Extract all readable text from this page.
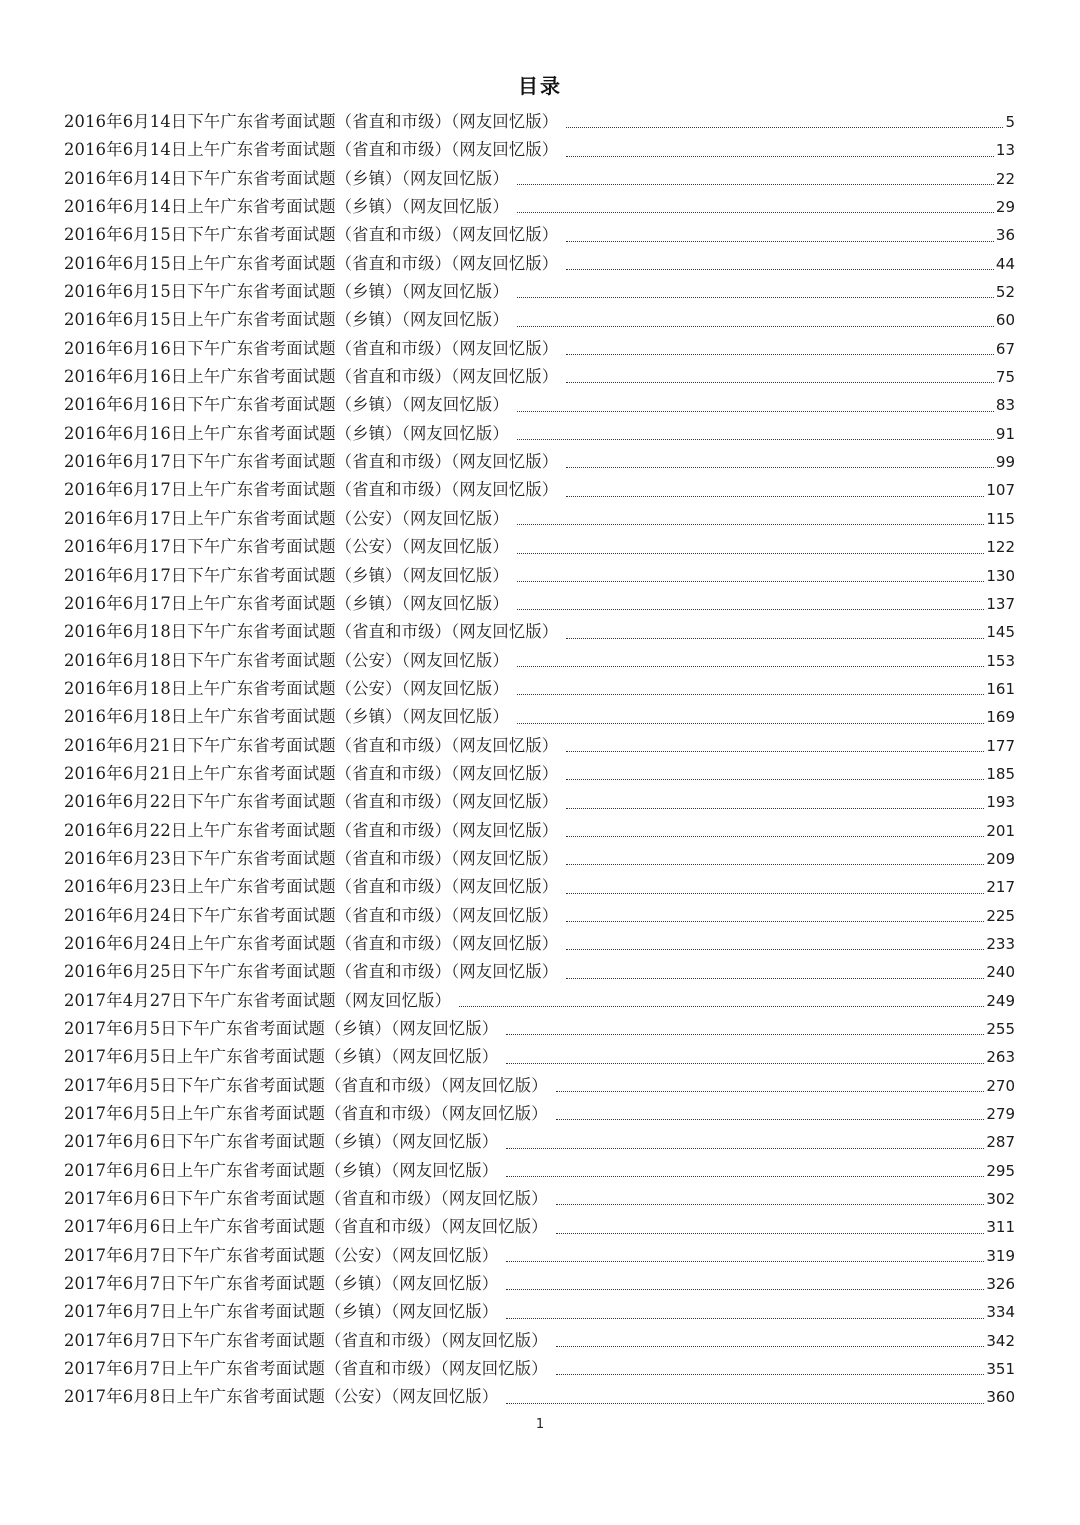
目录
2016年6月14日下午广东省考面试题（省直和市级）（网友回忆版）	5
2016年6月14日上午广东省考面试题（省直和市级）（网友回忆版）	13
2016年6月14日下午广东省考面试题（乡镇）（网友回忆版）	22
2016年6月14日上午广东省考面试题（乡镇）（网友回忆版）	29
2016年6月15日下午广东省考面试题（省直和市级）（网友回忆版）	36
2016年6月15日上午广东省考面试题（省直和市级）（网友回忆版）	44
2016年6月15日下午广东省考面试题（乡镇）（网友回忆版）	52
2016年6月15日上午广东省考面试题（乡镇）（网友回忆版）	60
2016年6月16日下午广东省考面试题（省直和市级）（网友回忆版）	67
2016年6月16日上午广东省考面试题（省直和市级）（网友回忆版）	75
2016年6月16日下午广东省考面试题（乡镇）（网友回忆版）	83
2016年6月16日上午广东省考面试题（乡镇）（网友回忆版）	91
2016年6月17日下午广东省考面试题（省直和市级）（网友回忆版）	99
2016年6月17日上午广东省考面试题（省直和市级）（网友回忆版）	107
2016年6月17日上午广东省考面试题（公安）（网友回忆版）	115
2016年6月17日下午广东省考面试题（公安）（网友回忆版）	122
2016年6月17日下午广东省考面试题（乡镇）（网友回忆版）	130
2016年6月17日上午广东省考面试题（乡镇）（网友回忆版）	137
2016年6月18日下午广东省考面试题（省直和市级）（网友回忆版）	145
2016年6月18日下午广东省考面试题（公安）（网友回忆版）	153
2016年6月18日上午广东省考面试题（公安）（网友回忆版）	161
2016年6月18日上午广东省考面试题（乡镇）（网友回忆版）	169
2016年6月21日下午广东省考面试题（省直和市级）（网友回忆版）	177
2016年6月21日上午广东省考面试题（省直和市级）（网友回忆版）	185
2016年6月22日下午广东省考面试题（省直和市级）（网友回忆版）	193
2016年6月22日上午广东省考面试题（省直和市级）（网友回忆版）	201
2016年6月23日下午广东省考面试题（省直和市级）（网友回忆版）	209
2016年6月23日上午广东省考面试题（省直和市级）（网友回忆版）	217
2016年6月24日下午广东省考面试题（省直和市级）（网友回忆版）	225
2016年6月24日上午广东省考面试题（省直和市级）（网友回忆版）	233
2016年6月25日下午广东省考面试题（省直和市级）（网友回忆版）	240
2017年4月27日下午广东省考面试题（网友回忆版）	249
2017年6月5日下午广东省考面试题（乡镇）（网友回忆版）	255
2017年6月5日上午广东省考面试题（乡镇）（网友回忆版）	263
2017年6月5日下午广东省考面试题（省直和市级）（网友回忆版）	270
2017年6月5日上午广东省考面试题（省直和市级）（网友回忆版）	279
2017年6月6日下午广东省考面试题（乡镇）（网友回忆版）	287
2017年6月6日上午广东省考面试题（乡镇）（网友回忆版）	295
2017年6月6日下午广东省考面试题（省直和市级）（网友回忆版）	302
2017年6月6日上午广东省考面试题（省直和市级）（网友回忆版）	311
2017年6月7日下午广东省考面试题（公安）（网友回忆版）	319
2017年6月7日下午广东省考面试题（乡镇）（网友回忆版）	326
2017年6月7日上午广东省考面试题（乡镇）（网友回忆版）	334
2017年6月7日下午广东省考面试题（省直和市级）（网友回忆版）	342
2017年6月7日上午广东省考面试题（省直和市级）（网友回忆版）	351
2017年6月8日上午广东省考面试题（公安）（网友回忆版）	360
1
